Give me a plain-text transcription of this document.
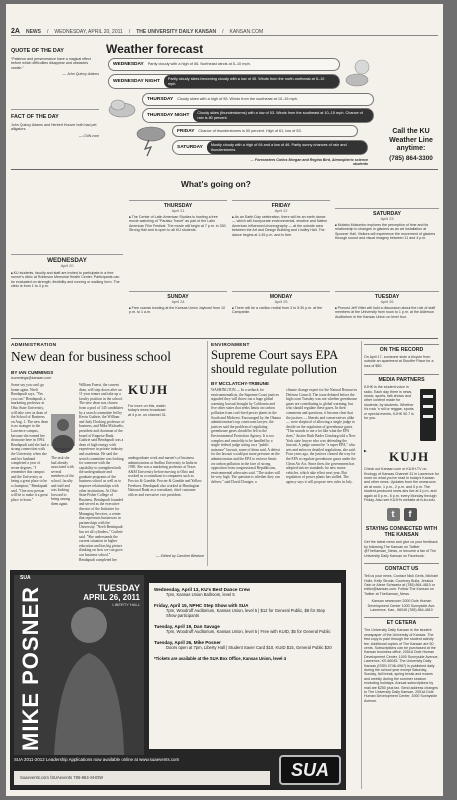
2A NEWS / WEDNESDAY, APRIL 20, 2011 / THE UNIVERSITY DAILY KANSAN / KANSAN.COM
QUOTE OF THE DAY
“Patience and perseverance have a magical effect before which difficulties disappear and obstacles vanish.”
— John Quincy Adams
FACT OF THE DAY
John Quincy Adams and Herbert Hoover both had pet alligators.
— CNN.com
Weather forecast
WEDNESDAY	Partly cloudy with a high of 56. Northeast winds at 5–10 mph.
WEDNESDAY NIGHT	Partly cloudy skies becoming cloudy with a low of 45. Winds from the north-northeast at 5–10 mph.
THURSDAY	Cloudy skies with a high of 55. Winds from the southeast at 10–15 mph.
THURSDAY NIGHT	Cloudy skies (thunderstorms) with a low of 53. Winds from the southeast at 10–15 mph. Chance of rain is 80 percent.
FRIDAY	Chance of thunderstorms is 50 percent. High of 61, low of 53.
SATURDAY	Mostly cloudy with a high of 64 and a low of 46. Partly sunny chances of rain and thunderstorms.
— Forecasters Carlos Morgan and Regina Bird, Atmospheric science students
Call the KU
Weather Line
anytime:
(785) 864-3300
What's going on?
THURSDAY
April 21
■ The Center of Latin American Studies is hosting a free movie watching of "Paraiso Travel" as part of the Latin American Film Festival. The movie will begin at 7 p.m. in 330 Strong Hall and is open to all KU students.
FRIDAY
April 22
■ As an Earth Day celebration, there will be an earth dance — which will incorporate environmental, emotive and Native American influenced choreography — at the outside area between the Art and Design Building and Lindley Hall. The dance begins at 1:45 p.m. and is free.
SATURDAY
April 23
■ Mutabo Mokumbo explores the perception of time and its relationship to changes in glaciers as an art installation at Spooner Hall. Visitors will experience the movement of glaciers through sound and visual imagery between 11 and 4 p.m.
WEDNESDAY
April 20
■ KU students, faculty and staff are invited to participate in a free runner's clinic at Robinson Memorial Health Center. Participants can be evaluated on strength, flexibility and running or walking form. The clinic is from 1 to 4 p.m.
SUNDAY
April 24
■ Free cosmic bowling at the Kansas Union Jaybowl from 10 p.m. to 1 a.m.
MONDAY
April 25
■ There will be a carillon recital from 3 to 5:30 p.m. at the Campanile.
TUESDAY
April 26
■ Provost Jeff Vitter will hold a discussion about the role of staff members at the University from noon to 1 p.m. at the Alderson Auditorium in the Kansas Union on level four.
ADMINISTRATION
New dean for business school
BY IAN CUMMINGS
icummings@kansan.com
Some say you can't go home again. Neeli Bendapudi says, "Yes you can." Bendapudi, a marketing professor at Ohio State University, will take over as dean of the School of Business on Aug. 1. The new dean is no stranger to the Lawrence campus, because she earned her doctorate here in 1994. Bendapudi said she had a strong connection with the University when she and her husband completed a year of seven degrees. "I remember this campus and the University as being a great place to be a champion," Bendapudi said. "One new person will be to make it a great place to learn."
Bendapudi
The task she had already associated with several members of the school, faculty and staff and was looking forward to being among them again.
William Fuerst, the current dean, will step down after an 11-year tenure and take up a faculty position in the school. The new dean was chosen from a pool of 145 candidates by a search committee led by Kevin Guthrie, the William and Judy Docking professor of business, and Mike Michaelis, president and chairman of the board of Emprise Bank. Guthrie said Bendapudi was a dean of high energy with experience in private industry and academia. He said the search committee was looking for someone with the capability to strengthen both the undergraduate and graduate programs of the business school as well as to improve relationships with other institutions. At Ohio State Fisher College of Business, Bendapudi founded and served as the executive director of the Initiative for Managing Services, a center that represents businesses in partnerships with the University. "Neeli Bendapudi has set all cylinders," Guthrie said. "She understands the current situation in higher education and has big picture thinking on how we can grow our business school." Bendapudi completed her
KUJH
For more on this, watch
today's news broadcast
at 4 p.m. on channel 31.
undergraduate work and master's of business administration at Andhra University in India in 1985. She was a marketing professor at Texas A&M University before moving to Ohio and worked as a consultant to companies such as Proctor & Gamble, Procter & Gamble and Yellow Freeborn. Bendapudi also worked at Huntington National Bank as a consultant, chief customer officer and executive vice president.
— Edited by Caroline Bledsoe
ENVIRONMENT
Supreme Court says EPA should regulate pollution
BY MCCLATCHY-TRIBUNE
WASHINGTON — In a setback for environmentalists, the Supreme Court justices signaled they will throw out a huge global warming lawsuit brought by California and five other states that seeks limits on carbon pollution from coal-fired power plants in the South and Midwest. Encouraged by the Obama administration's top courtroom lawyer, the justices said the problem of regulating greenhouse gases should be left to the Environmental Protection Agency. It is too complex and unwieldy to be handled by a single federal judge acting on a "public nuisance" lawsuit, some of them said. A defeat for the lawsuit would put more pressure on the administration and the EPA to enforce limits on carbon pollution in the face of strong opposition from congressional Republicans, environmental advocates said. "The stakes will be very high. The question is whether they can deliver," said David Doniger, a
climate change expert for the Natural Resources Defense Council. The issue debated before the high court Tuesday was not whether greenhouse gases are contributing to global warming, but who should regulate these gases. In their comments and questions, it became clear that the justices — liberals and conservatives alike — were skeptical of allowing a single judge to decide on the regulation of greenhouse gases. "This sounds to me a lot like what the EPA does," Justice Ruth Bader Ginsburg told a New York state lawyer who was defending the lawsuit. A judge cannot be "a super EPA," who sets and enforces detailed regulations, she said. Four years ago, the justices cleared the way for the EPA to regulate greenhouse gases under the Clean Air Act. Since then, the government has adopted stricter standards for new motor vehicles, which take effect next year. But regulation of power plants has stalled. The agency says it will propose new rules in July.
ON THE RECORD
On April 17, someone stole a bicycle from outside an apartment at Stouffer Place for a loss of $50.
MEDIA PARTNERS
KJHK is the student voice in radio. Each day there is news, music, sports, talk shows and other content made for students, by students. Whether it's rock 'n roll or reggae, sports or special events, KJHK 90.7 is for you.
▶	KUJH
Check out Kansan.com or KUJH-TV on Knology of Kansas Channel 31 in Lawrence for more on what you've read in today's Kansan and other news. Updates from the newsroom air at noon, 1 p.m., 2 p.m. and 5 p.m. The student-produced news airs live at 4 p.m. and again at 5 p.m., 6 p.m. every Monday through Friday. Also see KUJH's website at tv.ku.edu.
t	f
STAYING CONNECTED WITH THE KANSAN
Get the latest news and give us your feedback by following The Kansan on Twitter @TheKansan_News, or become a fan of The University Daily Kansan on Facebook.
CONTACT US
Tell us your news. Contact Nick Gerik, Michael Holtz, Kelly Stroda, Courtney Bulla, Jessica Osin or Alexe Schwartz at (785) 864-4810 or editor@kansan.com. Follow The Kansan on Twitter at TheKansan_News.
Kansan newsroom 2000 Dole Human Development Center 1000 Sunnyside Ave. Lawrence, Kan., 66045 (785) 864-4810
ET CETERA
The University Daily Kansan is the student newspaper of the University of Kansas. The first copy is paid through the student activity fee. Additional copies of The Kansan are 50 cents. Subscriptions can be purchased at the Kansan business office, 2051A Dole Human Development Center, 1000 Sunnyside Avenue, Lawrence, KS 66045. The University Daily Kansan (ISSN 0746-4967) is published daily during the school year except Saturday, Sunday, fall break, spring break and exams and weekly during the summer session excluding holidays. Annual subscriptions by mail are $250 plus tax. Send address changes to The University Daily Kansan, 2051A Dole Human Development Center, 1000 Sunnyside Avenue.
MIKE POSNER	TUESDAY
APRIL 26, 2011
LIBERTY HALL
SUA
Wednesday, April 13, KU's Best Dance Crew
7pm, Kansas Union Ballroom, level 5
Friday, April 15, NPHC Step Show with SUA
7pm, Woodruff Auditorium, Kansas Union, level 5 | $12 for General Public, $8 for Step Show participants
Tuesday, April 19, Dan Savage
7pm, Woodruff Auditorium, Kansas Union, level 5 | Free with KUID, $5 for General Public
Tuesday, April 26, Mike Posner
Doors open at 7pm, Liberty Hall | Student Saver Card $10, KUID $15, General Public $20
*Tickets are available at the SUA Box Office, Kansas Union, level 4
SUA 2011-2012 Leadership Applications now available online at www.suaevents.com
Suaevents.com /SUAevents 785-864-SHOW	SUA
